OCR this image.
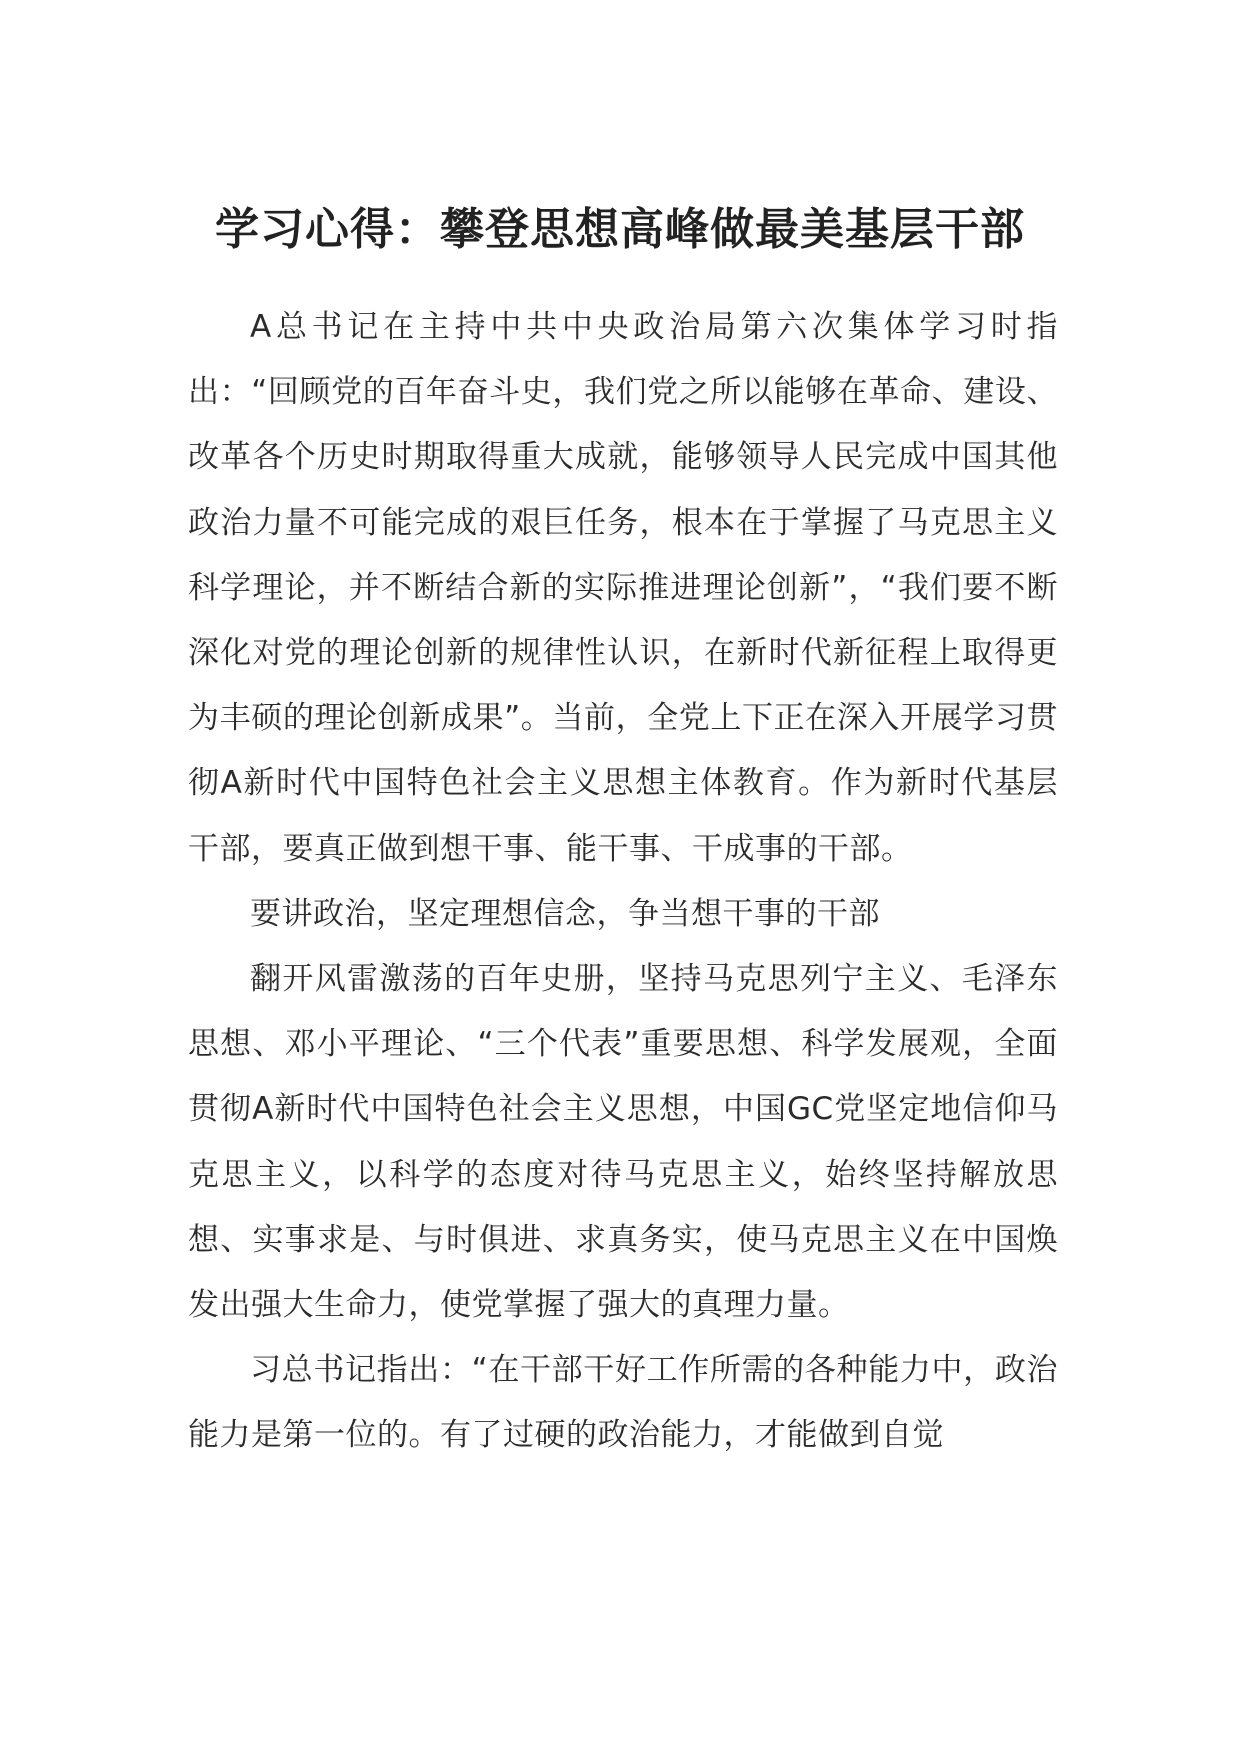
学习心得：攀登思想高峰做最美基层干部

A总书记在主持中共中央政治局第六次集体学习时指出：“回顾党的百年奋斗史，我们党之所以能够在革命、建设、改革各个历史时期取得重大成就，能够领导人民完成中国其他政治力量不可能完成的艰巨任务，根本在于掌握了马克思主义科学理论，并不断结合新的实际推进理论创新”，“我们要不断深化对党的理论创新的规律性认识，在新时代新征程上取得更为丰硕的理论创新成果”。当前，全党上下正在深入开展学习贯彻A新时代中国特色社会主义思想主体教育。作为新时代基层干部，要真正做到想干事、能干事、干成事的干部。

要讲政治，坚定理想信念，争当想干事的干部

翻开风雷激荡的百年史册，坚持马克思列宁主义、毛泽东思想、邓小平理论、“三个代表”重要思想、科学发展观，全面贯彻A新时代中国特色社会主义思想，中国GC党坚定地信仰马克思主义，以科学的态度对待马克思主义，始终坚持解放思想、实事求是、与时俱进、求真务实，使马克思主义在中国焕发出强大生命力，使党掌握了强大的真理力量。

习总书记指出：“在干部干好工作所需的各种能力中，政治能力是第一位的。有了过硬的政治能力，才能做到自觉
